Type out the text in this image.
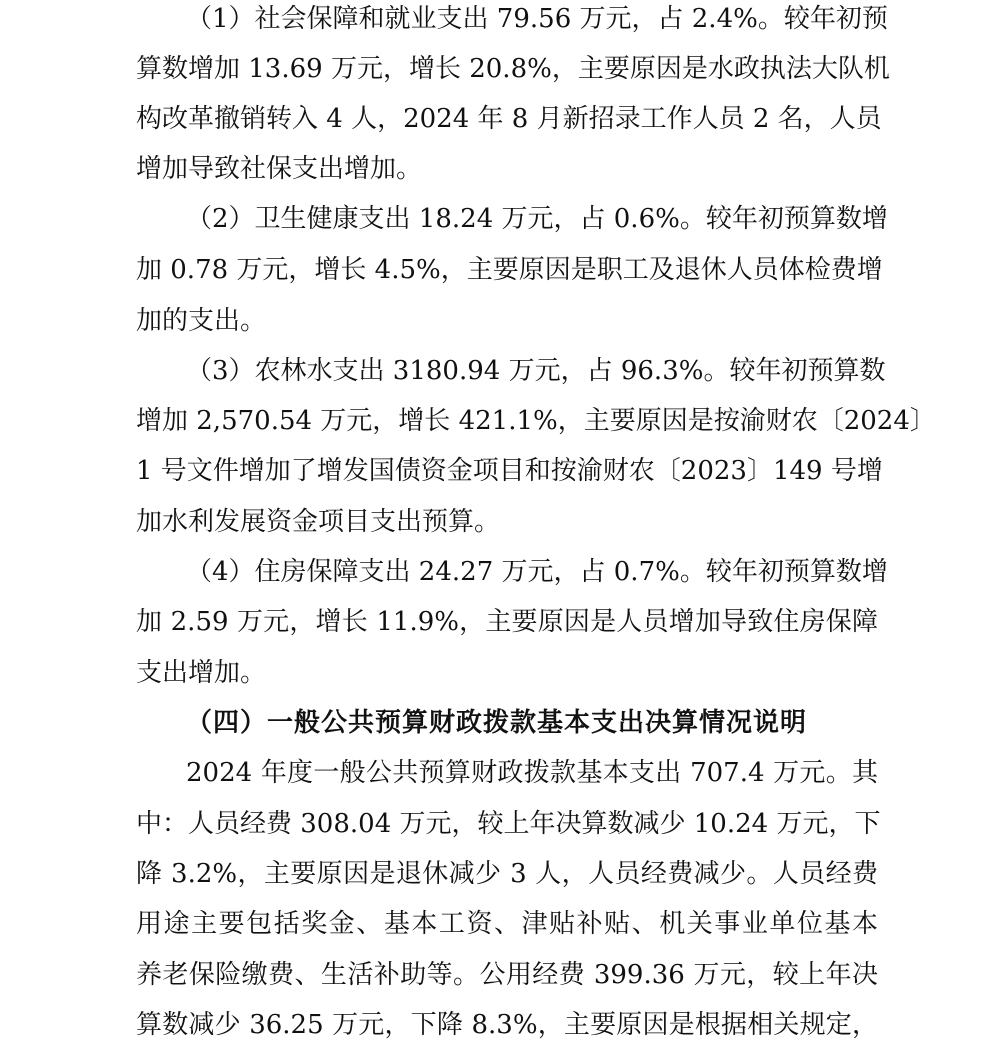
（1）社会保障和就业支出 79.56 万元，占 2.4%。较年初预
算数增加 13.69 万元，增长 20.8%，主要原因是水政执法大队机
构改革撤销转入 4 人，2024 年 8 月新招录工作人员 2 名，人员
增加导致社保支出增加。
（2）卫生健康支出 18.24 万元，占 0.6%。较年初预算数增
加 0.78 万元，增长 4.5%，主要原因是职工及退休人员体检费增
加的支出。
（3）农林水支出 3180.94 万元，占 96.3%。较年初预算数
增加 2,570.54 万元，增长 421.1%，主要原因是按渝财农〔2024〕
1 号文件增加了增发国债资金项目和按渝财农〔2023〕149 号增
加水利发展资金项目支出预算。
（4）住房保障支出 24.27 万元，占 0.7%。较年初预算数增
加 2.59 万元，增长 11.9%，主要原因是人员增加导致住房保障
支出增加。
（四）一般公共预算财政拨款基本支出决算情况说明
2024 年度一般公共预算财政拨款基本支出 707.4 万元。其
中：人员经费 308.04 万元，较上年决算数减少 10.24 万元，下
降 3.2%，主要原因是退休减少 3 人，人员经费减少。人员经费
用途主要包括奖金、基本工资、津贴补贴、机关事业单位基本
养老保险缴费、生活补助等。公用经费 399.36 万元，较上年决
算数减少 36.25 万元，下降 8.3%，主要原因是根据相关规定，
